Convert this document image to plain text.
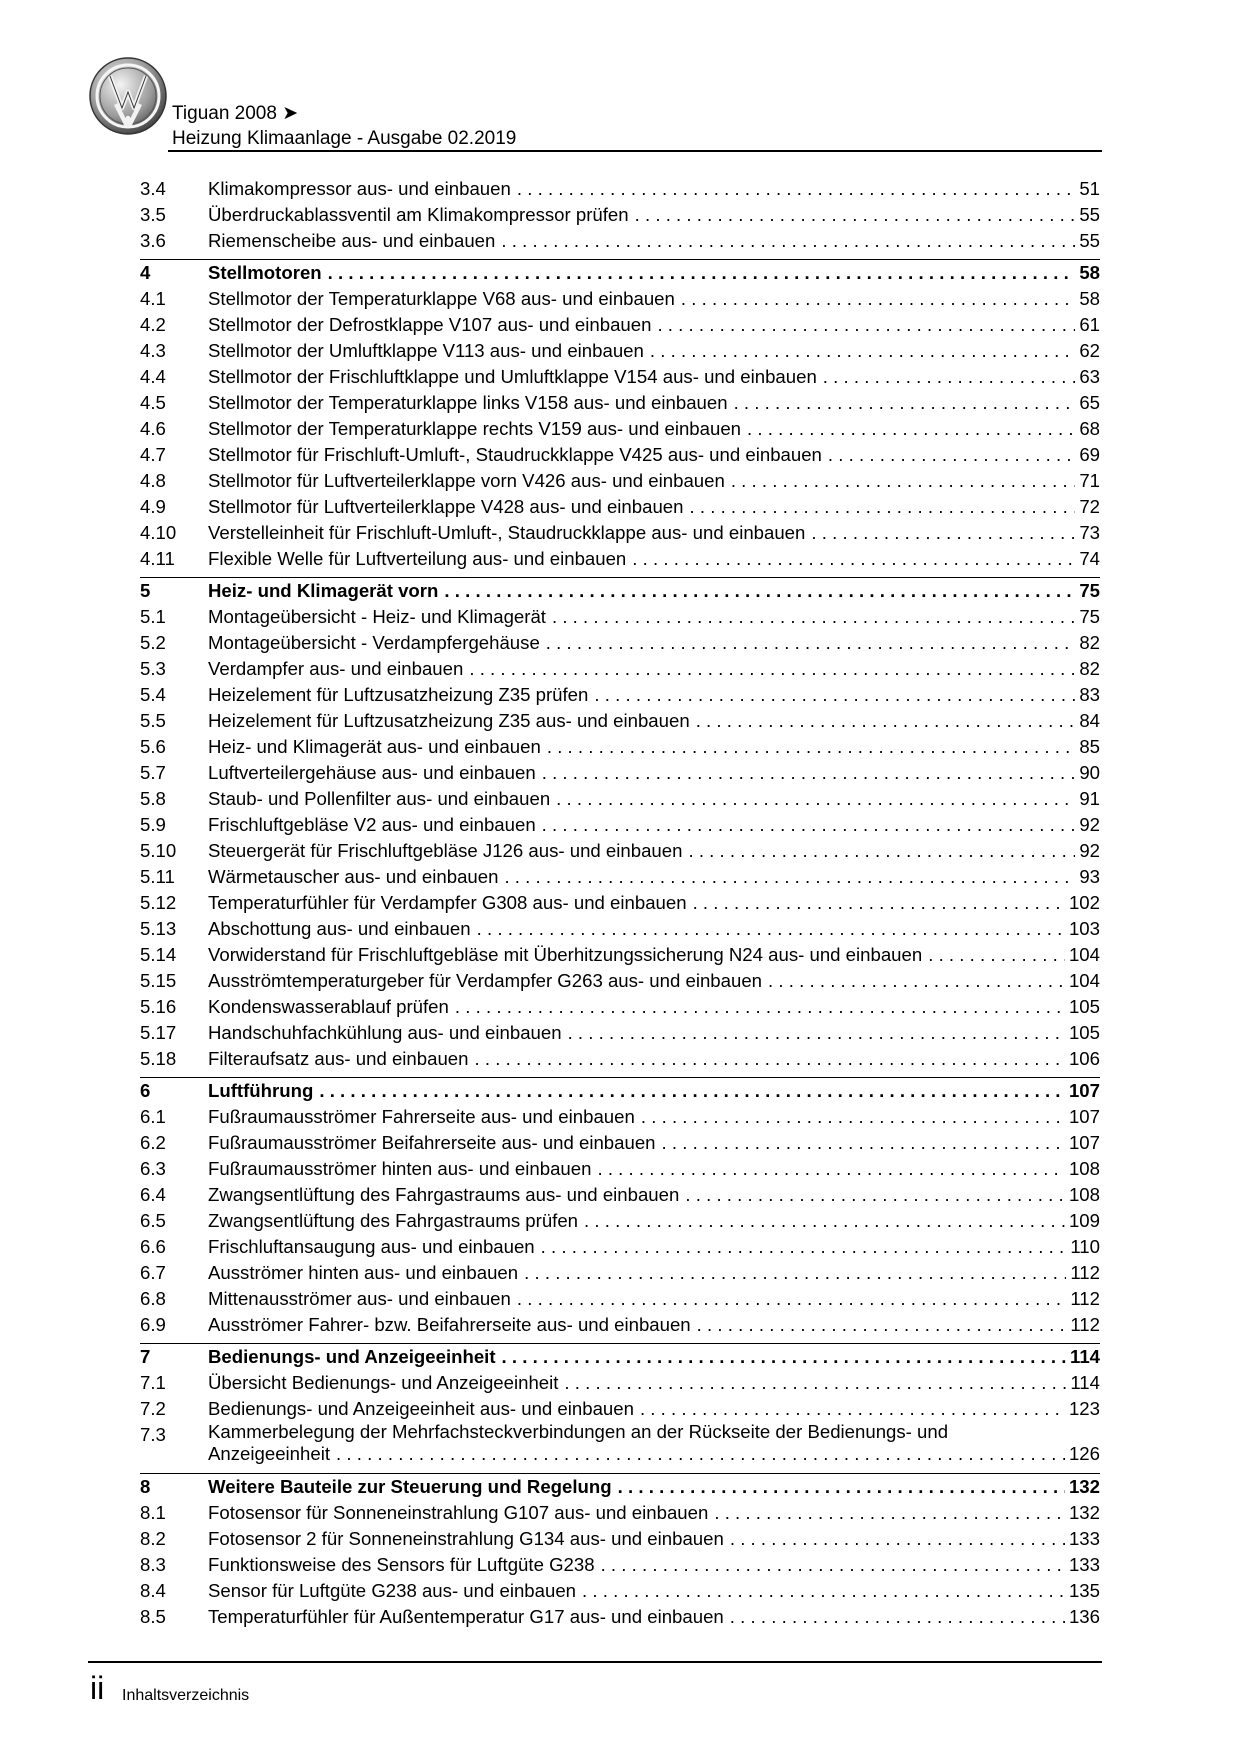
Tiguan 2008 ➤
Heizung Klimaanlage - Ausgabe 02.2019
3.4 Klimakompressor aus- und einbauen .....	51
3.5 Überdruckablassventil am Klimakompressor prüfen .....	55
3.6 Riemenscheibe aus- und einbauen .....	55
4	Stellmotoren .....	58
4.1 Stellmotor der Temperaturklappe V68 aus- und einbauen .....	58
4.2 Stellmotor der Defrostklappe V107 aus- und einbauen .....	61
4.3 Stellmotor der Umluftklappe V113 aus- und einbauen .....	62
4.4 Stellmotor der Frischluftklappe und Umluftklappe V154 aus- und einbauen .....	63
4.5 Stellmotor der Temperaturklappe links V158 aus- und einbauen .....	65
4.6 Stellmotor der Temperaturklappe rechts V159 aus- und einbauen .....	68
4.7 Stellmotor für Frischluft-Umluft-, Staudruckklappe V425 aus- und einbauen .....	69
4.8 Stellmotor für Luftverteilerklappe vorn V426 aus- und einbauen .....	71
4.9 Stellmotor für Luftverteilerklappe V428 aus- und einbauen .....	72
4.10 Verstelleinheit für Frischluft-Umluft-, Staudruckklappe aus- und einbauen .....	73
4.11 Flexible Welle für Luftverteilung aus- und einbauen .....	74
5	Heiz- und Klimagerät vorn .....	75
5.1 Montageübersicht - Heiz- und Klimagerät .....	75
5.2 Montageübersicht - Verdampfergehäuse .....	82
5.3 Verdampfer aus- und einbauen .....	82
5.4 Heizelement für Luftzusatzheizung Z35 prüfen .....	83
5.5 Heizelement für Luftzusatzheizung Z35 aus- und einbauen .....	84
5.6 Heiz- und Klimagerät aus- und einbauen .....	85
5.7 Luftverteilergehäuse aus- und einbauen .....	90
5.8 Staub- und Pollenfilter aus- und einbauen .....	91
5.9 Frischluftgebläse V2 aus- und einbauen .....	92
5.10 Steuergerät für Frischluftgebläse J126 aus- und einbauen .....	92
5.11 Wärmetauscher aus- und einbauen .....	93
5.12 Temperaturfühler für Verdampfer G308 aus- und einbauen .....	102
5.13 Abschottung aus- und einbauen .....	103
5.14 Vorwiderstand für Frischluftgebläse mit Überhitzungssicherung N24 aus- und einbauen .....	104
5.15 Ausströmtemperaturgeber für Verdampfer G263 aus- und einbauen .....	104
5.16 Kondenswasserablauf prüfen .....	105
5.17 Handschuhfachkühlung aus- und einbauen .....	105
5.18 Filteraufsatz aus- und einbauen .....	106
6	Luftführung .....	107
6.1 Fußraumausströmer Fahrerseite aus- und einbauen .....	107
6.2 Fußraumausströmer Beifahrerseite aus- und einbauen .....	107
6.3 Fußraumausströmer hinten aus- und einbauen .....	108
6.4 Zwangsentlüftung des Fahrgastraums aus- und einbauen .....	108
6.5 Zwangsentlüftung des Fahrgastraums prüfen .....	109
6.6 Frischluftansaugung aus- und einbauen .....	110
6.7 Ausströmer hinten aus- und einbauen .....	112
6.8 Mittenausströmer aus- und einbauen .....	112
6.9 Ausströmer Fahrer- bzw. Beifahrerseite aus- und einbauen .....	112
7	Bedienungs- und Anzeigeeinheit .....	114
7.1 Übersicht Bedienungs- und Anzeigeeinheit .....	114
7.2 Bedienungs- und Anzeigeeinheit aus- und einbauen .....	123
7.3 Kammerbelegung der Mehrfachsteckverbindungen an der Rückseite der Bedienungs- und
Anzeigeeinheit .....	126
8	Weitere Bauteile zur Steuerung und Regelung .....	132
8.1 Fotosensor für Sonneneinstrahlung G107 aus- und einbauen .....	132
8.2 Fotosensor 2 für Sonneneinstrahlung G134 aus- und einbauen .....	133
8.3 Funktionsweise des Sensors für Luftgüte G238 .....	133
8.4 Sensor für Luftgüte G238 aus- und einbauen .....	135
8.5 Temperaturfühler für Außentemperatur G17 aus- und einbauen .....	136
ii Inhaltsverzeichnis
